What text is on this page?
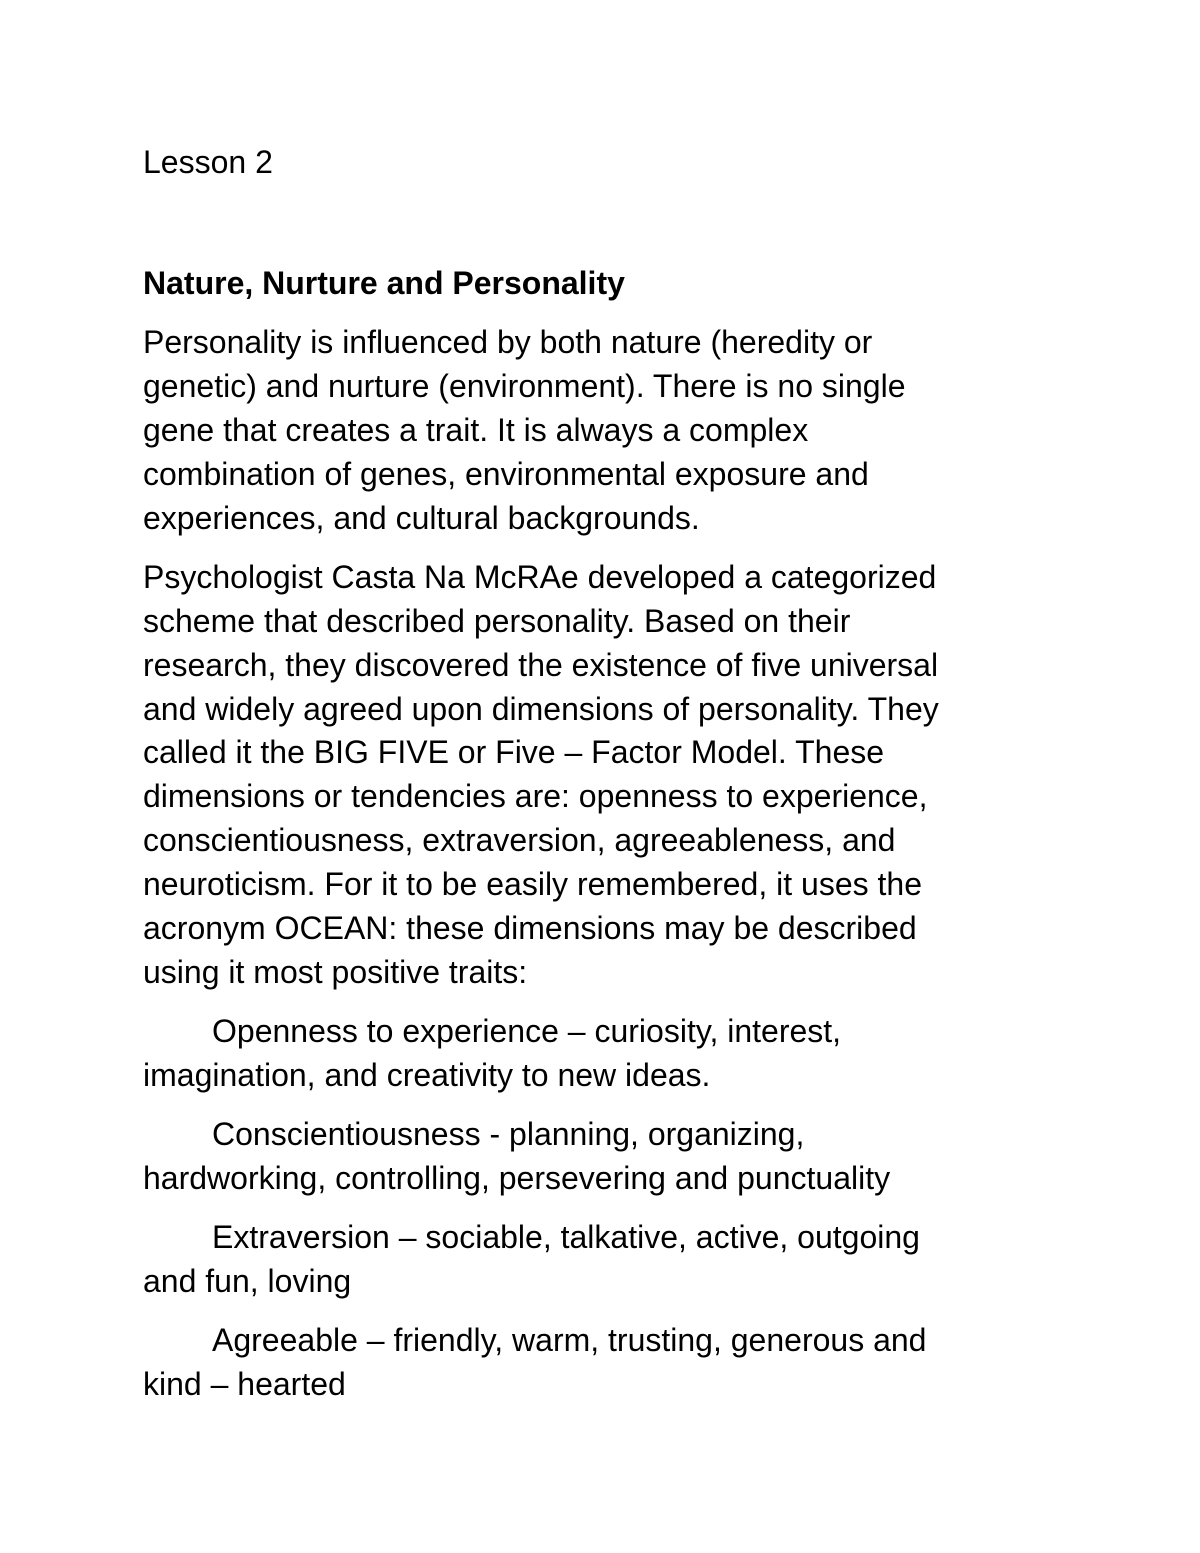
Lesson 2
Nature, Nurture and Personality
Personality is influenced by both nature (heredity or
genetic) and nurture (environment). There is no single
gene that creates a trait. It is always a complex
combination of genes, environmental exposure and
experiences, and cultural backgrounds.
Psychologist Casta Na McRAe developed a categorized
scheme that described personality. Based on their
research, they discovered the existence of five universal
and widely agreed upon dimensions of personality. They
called it the BIG FIVE or Five – Factor Model. These
dimensions or tendencies are: openness to experience,
conscientiousness, extraversion, agreeableness, and
neuroticism. For it to be easily remembered, it uses the
acronym OCEAN: these dimensions may be described
using it most positive traits:
Openness to experience – curiosity, interest,
imagination, and creativity to new ideas.
Conscientiousness - planning, organizing,
hardworking, controlling, persevering and punctuality
Extraversion – sociable, talkative, active, outgoing
and fun, loving
Agreeable – friendly, warm, trusting, generous and
kind – hearted
